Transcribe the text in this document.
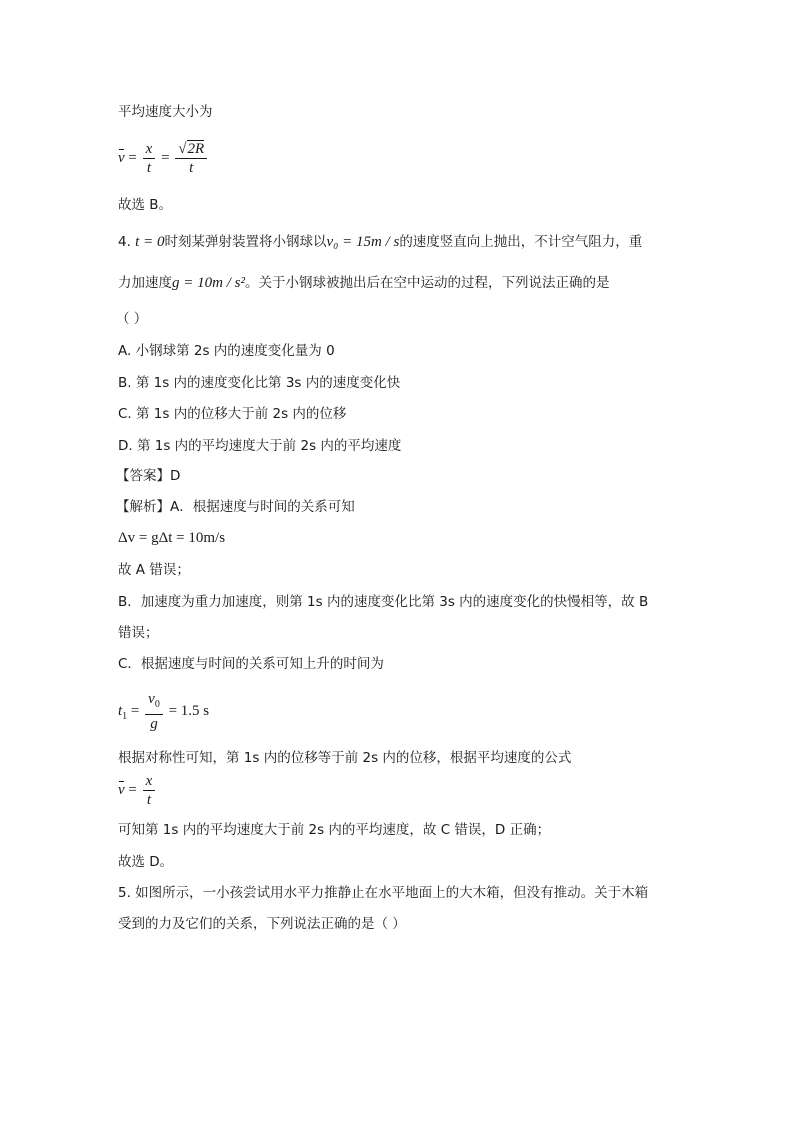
平均速度大小为
$v = \frac{x}{t} = \frac{√2R}{t}$
故选 B。
4. t = 0时刻某弹射装置将小钢球以v₀ = 15m / s的速度竖直向上抛出，不计空气阻力，重
力加速度g = 10m / s²。关于小钢球被抛出后在空中运动的过程，下列说法正确的是
（ ）
A. 小钢球第 2s 内的速度变化量为 0
B. 第 1s 内的速度变化比第 3s 内的速度变化快
C. 第 1s 内的位移大于前 2s 内的位移
D. 第 1s 内的平均速度大于前 2s 内的平均速度
【答案】D
【解析】A．根据速度与时间的关系可知
Δv = gΔt = 10m/s
故 A 错误；
B．加速度为重力加速度，则第 1s 内的速度变化比第 3s 内的速度变化的快慢相等，故 B
错误；
C．根据速度与时间的关系可知上升的时间为
$t_1 = \frac{v_0}{g} = 1.5$ s
根据对称性可知，第 1s 内的位移等于前 2s 内的位移，根据平均速度的公式
$v = \frac{x}{t}$
可知第 1s 内的平均速度大于前 2s 内的平均速度，故 C 错误，D 正确；
故选 D。
5. 如图所示，一小孩尝试用水平力推静止在水平地面上的大木箱，但没有推动。关于木箱
受到的力及它们的关系，下列说法正确的是（ ）
